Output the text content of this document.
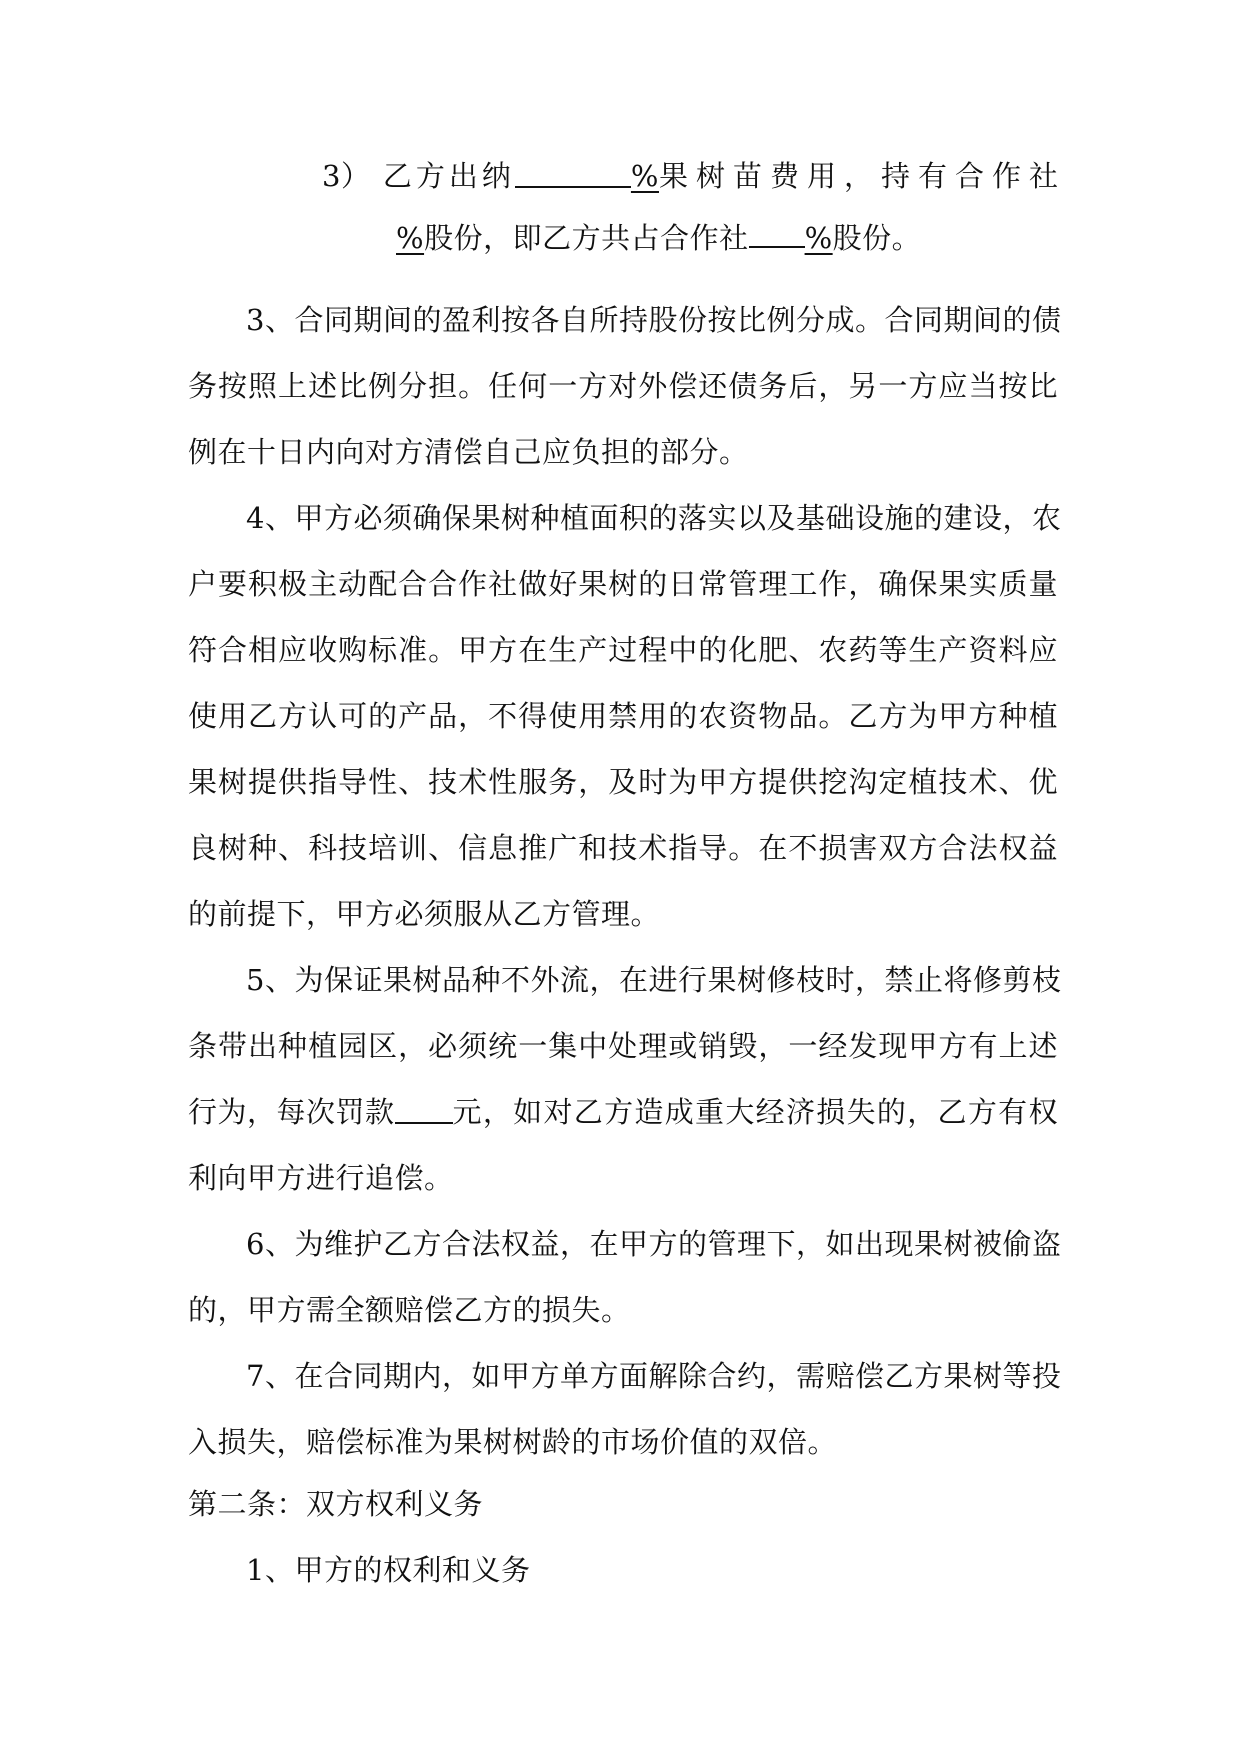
3） 乙方出纳	% 果树苗费用，持有合作社
%股份，即乙方共占合作社 %股份。
3、合同期间的盈利按各自所持股份按比例分成。合同期间的债
务按照上述比例分担。任何一方对外偿还债务后，另一方应当按比
例在十日内向对方清偿自己应负担的部分。
4、甲方必须确保果树种植面积的落实以及基础设施的建设，农
户要积极主动配合合作社做好果树的日常管理工作，确保果实质量
符合相应收购标准。甲方在生产过程中的化肥、农药等生产资料应
使用乙方认可的产品，不得使用禁用的农资物品。乙方为甲方种植
果树提供指导性、技术性服务，及时为甲方提供挖沟定植技术、优
良树种、科技培训、信息推广和技术指导。在不损害双方合法权益
的前提下，甲方必须服从乙方管理。
5、为保证果树品种不外流，在进行果树修枝时，禁止将修剪枝
条带出种植园区，必须统一集中处理或销毁，一经发现甲方有上述
行为，每次罚款 元，如对乙方造成重大经济损失的，乙方有权
利向甲方进行追偿。
6、为维护乙方合法权益，在甲方的管理下，如出现果树被偷盗
的，甲方需全额赔偿乙方的损失。
7、在合同期内，如甲方单方面解除合约，需赔偿乙方果树等投
入损失，赔偿标准为果树树龄的市场价值的双倍。
第二条：双方权利义务
1、甲方的权利和义务
